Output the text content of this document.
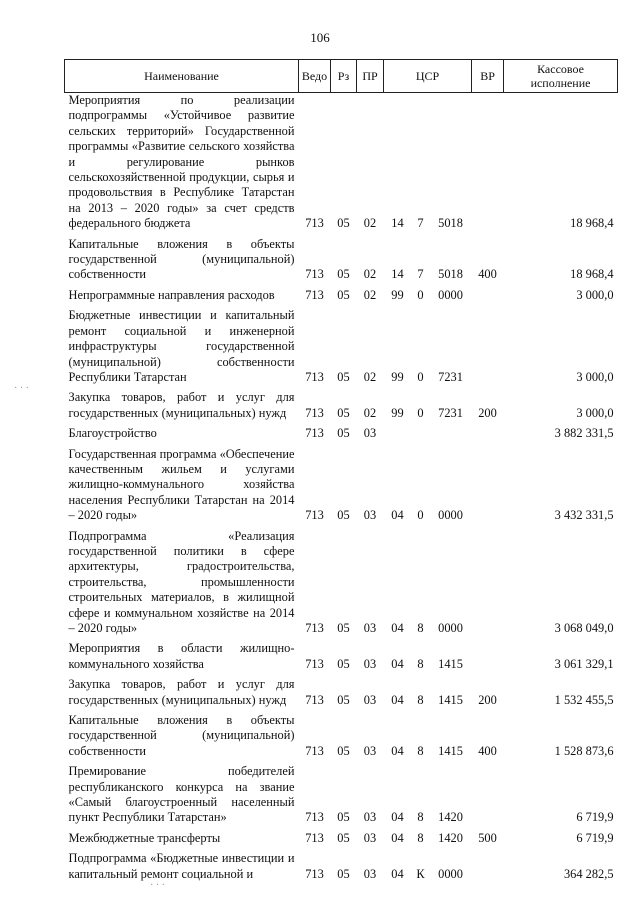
106
Наименование	Ведо	Рз	ПР	ЦСР			ВР	Кассовое исполнение
Мероприятия по реализации подпрограммы «Устойчивое развитие сельских территорий» Государственной программы «Развитие сельского хозяйства и регулирование рынков сельскохозяйственной продукции, сырья и продовольствия в Республике Татарстан на 2013 – 2020 годы» за счет средств федерального бюджета	713	05	02	14	7	5018		18 968,4
Капитальные вложения в объекты государственной (муниципальной) собственности	713	05	02	14	7	5018	400	18 968,4
Непрограммные направления расходов	713	05	02	99	0	0000		3 000,0
Бюджетные инвестиции и капитальный ремонт социальной и инженерной инфраструктуры государственной (муниципальной) собственности Республики Татарстан	713	05	02	99	0	7231		3 000,0
Закупка товаров, работ и услуг для государственных (муниципальных) нужд	713	05	02	99	0	7231	200	3 000,0
Благоустройство	713	05	03					3 882 331,5
Государственная программа «Обеспечение качественным жильем и услугами жилищно-коммунального хозяйства населения Республики Татарстан на 2014 – 2020 годы»	713	05	03	04	0	0000		3 432 331,5
Подпрограмма «Реализация государственной политики в сфере архитектуры, градостроительства, строительства, промышленности строительных материалов, в жилищной сфере и коммунальном хозяйстве на 2014 – 2020 годы»	713	05	03	04	8	0000		3 068 049,0
Мероприятия в области жилищно-коммунального хозяйства	713	05	03	04	8	1415		3 061 329,1
Закупка товаров, работ и услуг для государственных (муниципальных) нужд	713	05	03	04	8	1415	200	1 532 455,5
Капитальные вложения в объекты государственной (муниципальной) собственности	713	05	03	04	8	1415	400	1 528 873,6
Премирование победителей республиканского конкурса на звание «Самый благоустроенный населенный пункт Республики Татарстан»	713	05	03	04	8	1420		6 719,9
Межбюджетные трансферты	713	05	03	04	8	1420	500	6 719,9
Подпрограмма «Бюджетные инвестиции и капитальный ремонт социальной и	713	05	03	04	К	0000		364 282,5
· · ·
· · ·
